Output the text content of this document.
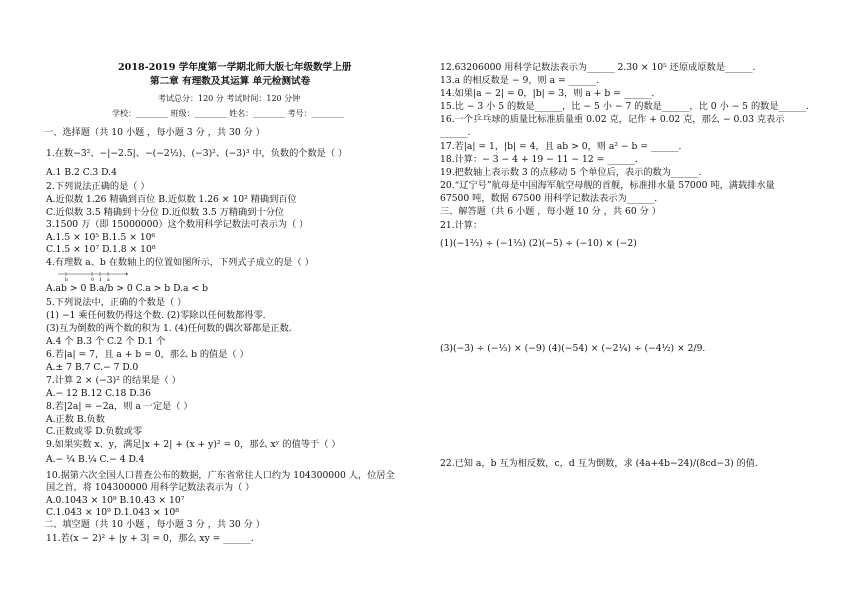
2018-2019 学年度第一学期北师大版七年级数学上册
第二章 有理数及其运算 单元检测试卷
考试总分：120 分 考试时间：120 分钟
学校：________ 班级：________ 姓名：________ 考号：________
一、选择题（共 10 小题 ，每小题 3 分 ，共 30 分 ）
1.在数−3²、−|−2.5|、−(−2½)、(−3)²、(−3)³ 中，负数的个数是（ ）
A.1 B.2 C.3 D.4
2.下列说法正确的是（ ）
A.近似数 1.26 精确到百位 B.近似数 1.26 × 10² 精确到百位
C.近似数 3.5 精确到十分位 D.近似数 3.5 万精确到十分位
3.1500 万（即 15000000）这个数用科学记数法可表示为（ ）
A.1.5 × 10⁵ B.1.5 × 10⁶
C.1.5 × 10⁷ D.1.8 × 10⁸
4.有理数 a、b 在数轴上的位置如图所示，下列式子成立的是（ ）
b	0 1 a
A.ab > 0 B.a/b > 0 C.a > b D.a < b
5.下列说法中，正确的个数是（ ）
(1) −1 乘任何数仍得这个数. (2)零除以任何数都得零.
(3)互为倒数的两个数的积为 1. (4)任何数的偶次幂都是正数.
A.4 个 B.3 个 C.2 个 D.1 个
6.若|a| = 7，且 a + b = 0，那么 b 的值是（ ）
A.± 7 B.7 C.− 7 D.0
7.计算 2 × (−3)² 的结果是（ ）
A.− 12 B.12 C.18 D.36
8.若|2a| = −2a，则 a 一定是（ ）
A.正数 B.负数
C.正数或零 D.负数或零
9.如果实数 x、y，满足|x + 2| + (x + y)² = 0，那么 xʸ 的值等于（ ）
A.− ¼ B.¼ C.− 4 D.4
10.据第六次全国人口普查公布的数据，广东省常住人口约为 104300000 人，位居全
国之首，将 104300000 用科学记数法表示为（ ）
A.0.1043 × 10⁹ B.10.43 × 10⁷
C.1.043 × 10⁹ D.1.043 × 10⁸
二、填空题（共 10 小题 ，每小题 3 分 ，共 30 分 ）
11.若(x − 2)² + |y + 3| = 0，那么 xy = ______.
12.63206000 用科学记数法表示为______ 2.30 × 10⁵ 还原成原数是______.
13.a 的相反数是 − 9，则 a = ______.
14.如果|a − 2| = 0，|b| = 3，则 a + b = ______.
15.比 − 3 小 5 的数是______，比 − 5 小 − 7 的数是______，比 0 小 − 5 的数是______.
16.一个乒乓球的质量比标准质量重 0.02 克，记作 + 0.02 克，那么 − 0.03 克表示
______.
17.若|a| = 1，|b| = 4，且 ab > 0，则 a² − b = ______.
18.计算：− 3 − 4 + 19 − 11 − 12 = ______.
19.把数轴上表示数 3 的点移动 5 个单位后，表示的数为______.
20.“辽宁号”航母是中国海军航空母舰的首舰，标准排水量 57000 吨，满载排水量
67500 吨，数据 67500 用科学记数法表示为______.
三、解答题（共 6 小题 ，每小题 10 分 ，共 60 分 ）
21.计算：
(1)(−1⅔) ÷ (−1⅓) (2)(−5) ÷ (−10) × (−2)
(3)(−3) ÷ (−⅓) × (−9) (4)(−54) × (−2¼) ÷ (−4½) × 2/9.
22.已知 a，b 互为相反数，c，d 互为倒数，求 (4a+4b−24)/(8cd−3) 的值.
